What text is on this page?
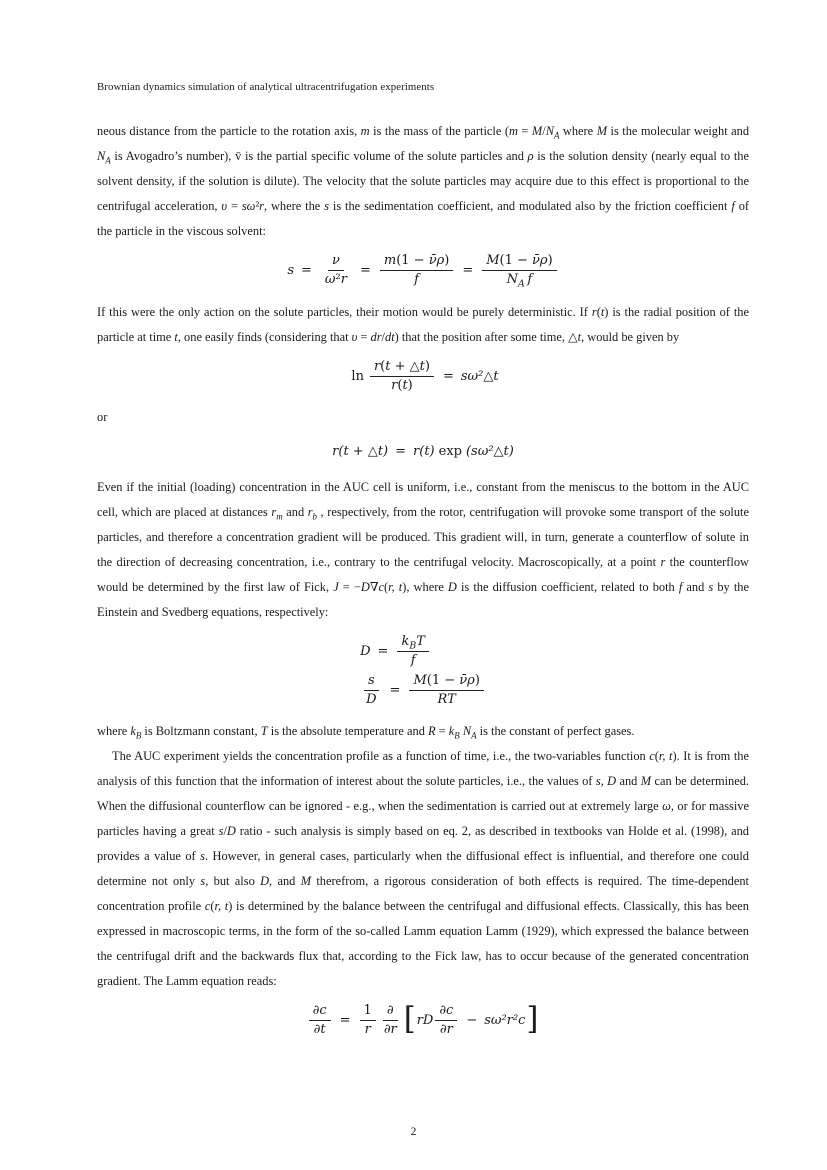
Brownian dynamics simulation of analytical ultracentrifugation experiments

neous distance from the particle to the rotation axis, m is the mass of the particle ($m = M/N_A$ where M is the molecular weight and $N_A$ is Avogadro’s number), v̄ is the partial specific volume of the solute particles and ρ is the solution density (nearly equal to the solvent density, if the solution is dilute). The velocity that the solute particles may acquire due to this effect is proportional to the centrifugal acceleration, υ = sω²r, where the s is the sedimentation coefficient, and modulated also by the friction coefficient f of the particle in the viscous solvent:

$s = \frac{\nu}{\text{ω²r}} = \frac{m(1 - \nū\rho)}{f} = \frac{M(1 - \nū\rho)}{N_A f}$

If this were the only action on the solute particles, their motion would be purely deterministic. If r(t) is the radial position of the particle at time t, one easily finds (considering that υ = dr/dt) that the position after some time, △t, would be given by

$\ln \frac{r(t + \triangle t)}{r(t)}$ = sω²△t

or

r(t + △t) = r(t) exp (sω²△t)

Even if the initial (loading) concentration in the AUC cell is uniform, i.e., constant from the meniscus to the bottom in the AUC cell, which are placed at distances $r_m$ and $r_b$ , respectively, from the rotor, centrifugation will provoke some transport of the solute particles, and therefore a concentration gradient will be produced. This gradient will, in turn, generate a counterflow of solute in the direction of decreasing concentration, i.e., contrary to the centrifugal velocity. Macroscopically, at a point r the counterflow would be determined by the first law of Fick, J = −D∇c(r, t), where D is the diffusion coefficient, related to both f and s by the Einstein and Svedberg equations, respectively:

$D = \frac{k_BT}{f}$
$\frac{s}{D} = \frac{M(1 - \nū\rho)}{RT}$

where $k_B$ is Boltzmann constant, T is the absolute temperature and $R = k_B$ $N_A$ is the constant of perfect gases.

The AUC experiment yields the concentration profile as a function of time, i.e., the two-variables function c(r, t). It is from the analysis of this function that the information of interest about the solute particles, i.e., the values of s, D and M can be determined. When the diffusional counterflow can be ignored - e.g., when the sedimentation is carried out at extremely large ω, or for massive particles having a great s/D ratio - such analysis is simply based on eq. 2, as described in textbooks van Holde et al. (1998), and provides a value of s. However, in general cases, particularly when the diffusional effect is influential, and therefore one could determine not only s, but also D, and M therefrom, a rigorous consideration of both effects is required. The time-dependent concentration profile c(r, t) is determined by the balance between the centrifugal and diffusional effects. Classically, this has been expressed in macroscopic terms, in the form of the so-called Lamm equation Lamm (1929), which expressed the balance between the centrifugal drift and the backwards flux that, according to the Fick law, has to occur because of the generated concentration gradient. The Lamm equation reads:

$\frac{\partial c}{\partial t} = \frac{1}{r} \frac{\partial}{\partial r}$ [ rD $\frac{\partial c}{\partial r} - s\omega^2r^2c$ ]
2
